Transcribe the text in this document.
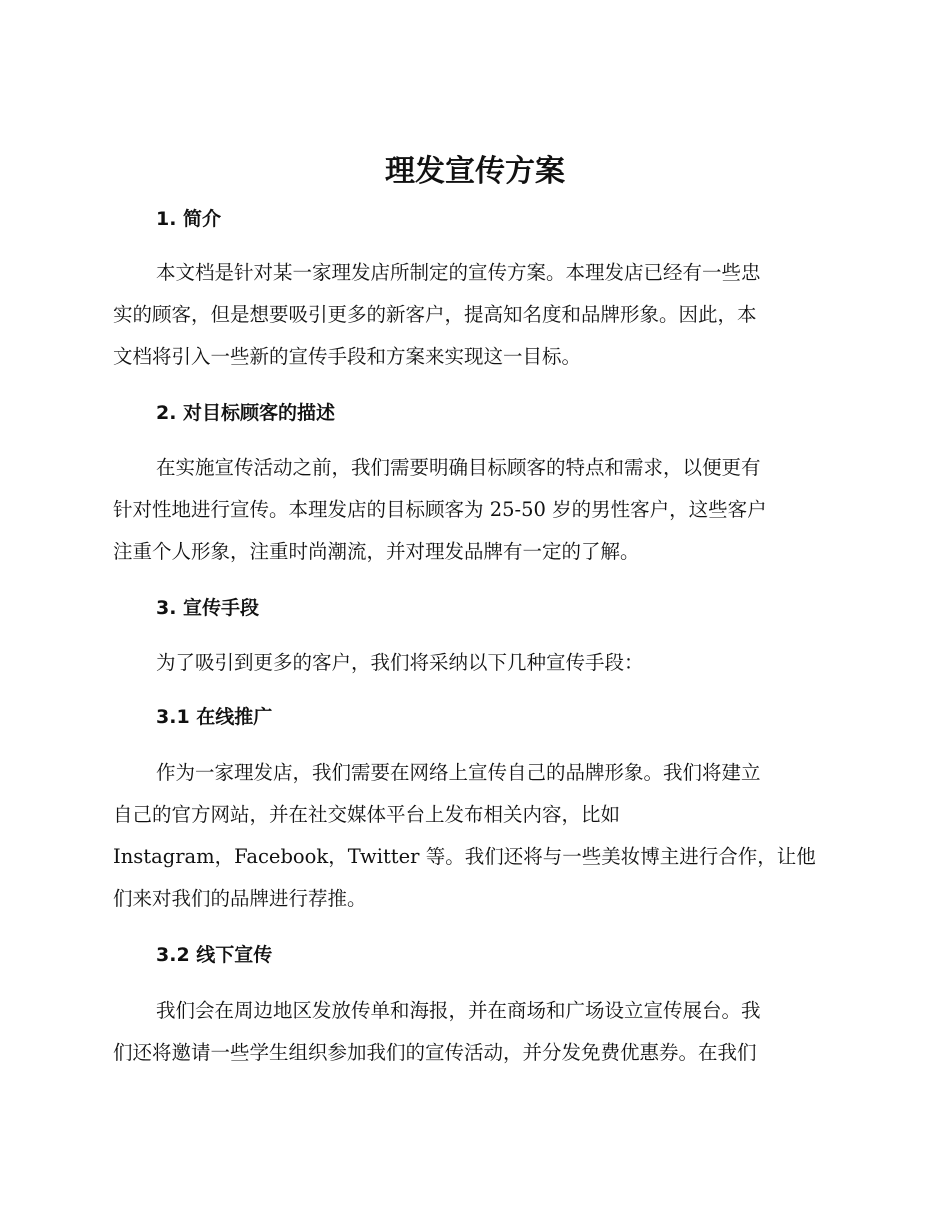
理发宣传方案
1. 简介
本文档是针对某一家理发店所制定的宣传方案。本理发店已经有一些忠
实的顾客，但是想要吸引更多的新客户，提高知名度和品牌形象。因此，本
文档将引入一些新的宣传手段和方案来实现这一目标。
2. 对目标顾客的描述
在实施宣传活动之前，我们需要明确目标顾客的特点和需求，以便更有
针对性地进行宣传。本理发店的目标顾客为 25-50 岁的男性客户，这些客户
注重个人形象，注重时尚潮流，并对理发品牌有一定的了解。
3. 宣传手段
为了吸引到更多的客户，我们将采纳以下几种宣传手段：
3.1 在线推广
作为一家理发店，我们需要在网络上宣传自己的品牌形象。我们将建立
自己的官方网站，并在社交媒体平台上发布相关内容，比如
Instagram，Facebook，Twitter 等。我们还将与一些美妆博主进行合作，让他
们来对我们的品牌进行荐推。
3.2 线下宣传
我们会在周边地区发放传单和海报，并在商场和广场设立宣传展台。我
们还将邀请一些学生组织参加我们的宣传活动，并分发免费优惠券。在我们
